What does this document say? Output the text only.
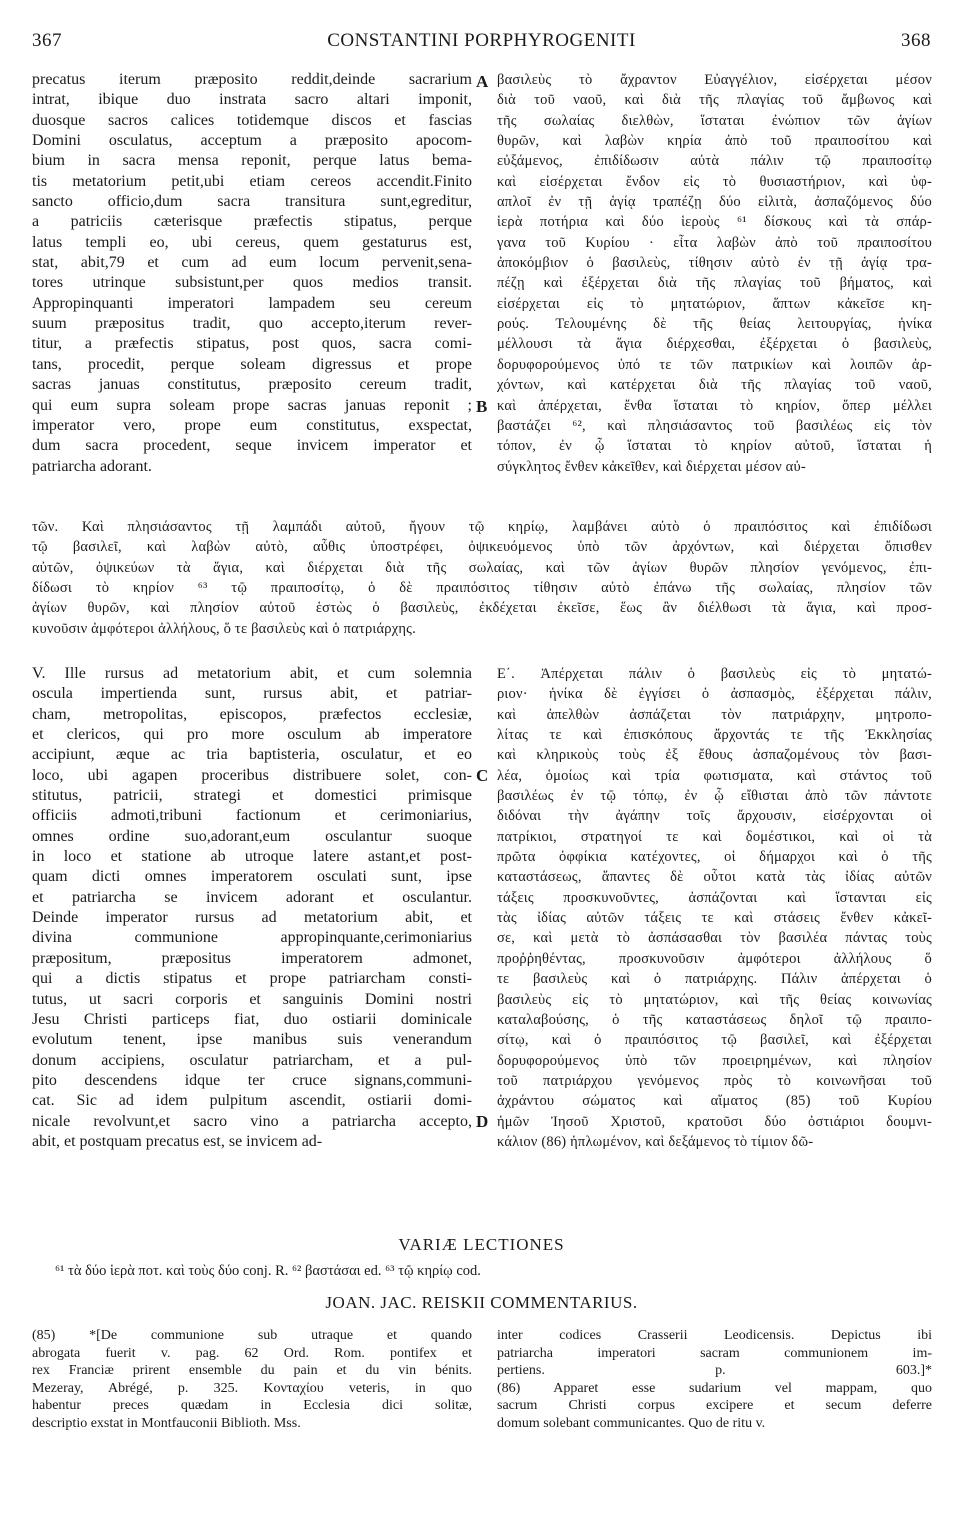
367	CONSTANTINI PORPHYROGENITI	368
precatus iterum præposito reddit,deinde sacrarium
intrat, ibique duo instrata sacro altari imponit,
duosque sacros calices totidemque discos et fascias
Domini osculatus, acceptum a præposito apocom-
bium in sacra mensa reponit, perque latus bema-
tis metatorium petit,ubi etiam cereos accendit.Finito
sancto officio,dum sacra transitura sunt,egreditur,
a patriciis cæterisque præfectis stipatus, perque
latus templi eo, ubi cereus, quem gestaturus est,
stat, abit,79 et cum ad eum locum pervenit,sena-
tores utrinque subsistunt,per quos medios transit.
Appropinquanti imperatori lampadem seu cereum
suum præpositus tradit, quo accepto,iterum rever-
titur, a præfectis stipatus, post quos, sacra comi-
tans, procedit, perque soleam digressus et prope
sacras januas constitutus, præposito cereum tradit,
qui eum supra soleam prope sacras januas reponit ;
imperator vero, prope eum constitutus, exspectat,
dum sacra procedent, seque invicem imperator et
patriarcha adorant.
βασιλεὺς τὸ ἄχραντον Εὐαγγέλιον, εἰσέρχεται μέσον
διὰ τοῦ ναοῦ, καὶ διὰ τῆς πλαγίας τοῦ ἄμβωνος καὶ
τῆς σωλαίας διελθὼν, ἵσταται ἐνώπιον τῶν ἁγίων
θυρῶν, καὶ λαβὼν κηρία ἀπὸ τοῦ πραιποσίτου καὶ
εὐξάμενος, ἐπιδίδωσιν αὐτὰ πάλιν τῷ πραιποσίτῳ
καὶ εἰσέρχεται ἔνδον εἰς τὸ θυσιαστήριον, καὶ ὑφ-
απλοῖ ἐν τῇ ἁγίᾳ τραπέζῃ δύο εἰλιτὰ, ἀσπαζόμενος δύο
ἱερὰ ποτήρια καὶ δύο ἱεροὺς ⁶¹ δίσκους καὶ τὰ σπάρ-
γανα τοῦ Κυρίου · εἶτα λαβὼν ἀπὸ τοῦ πραιποσίτου
ἀποκόμβιον ὁ βασιλεὺς, τίθησιν αὐτὸ ἐν τῇ ἁγίᾳ τρα-
πέζῃ καὶ ἐξέρχεται διὰ τῆς πλαγίας τοῦ βήματος, καὶ
εἰσέρχεται εἰς τὸ μητατώριον, ἅπτων κἀκεῖσε κη-
ρούς. Τελουμένης δὲ τῆς θείας λειτουργίας, ἡνίκα
μέλλουσι τὰ ἅγια διέρχεσθαι, ἐξέρχεται ὁ βασιλεὺς,
δορυφορούμενος ὑπό τε τῶν πατρικίων καὶ λοιπῶν ἀρ-
χόντων, καὶ κατέρχεται διὰ τῆς πλαγίας τοῦ ναοῦ,
καὶ ἀπέρχεται, ἔνθα ἵσταται τὸ κηρίον, ὅπερ μέλλει
βαστάζει ⁶², καὶ πλησιάσαντος τοῦ βασιλέως εἰς τὸν
τόπον, ἐν ᾧ ἵσταται τὸ κηρίον αὐτοῦ, ἵσταται ἡ
σύγκλητος ἔνθεν κἀκεῖθεν, καὶ διέρχεται μέσον αὐ-
A
B
C
D
τῶν. Καὶ πλησιάσαντος τῇ λαμπάδι αὐτοῦ, ἤγουν τῷ κηρίῳ, λαμβάνει αὐτὸ ὁ πραιπόσιτος καὶ ἐπιδίδωσι
τῷ βασιλεῖ, καὶ λαβὼν αὐτὸ, αὖθις ὑποστρέφει, ὀψικευόμενος ὑπὸ τῶν ἀρχόντων, καὶ διέρχεται ὄπισθεν
αὐτῶν, ὀψικεύων τὰ ἅγια, καὶ διέρχεται διὰ τῆς σωλαίας, καὶ τῶν ἁγίων θυρῶν πλησίον γενόμενος, ἐπι-
δίδωσι τὸ κηρίον ⁶³ τῷ πραιποσίτῳ, ὁ δὲ πραιπόσιτος τίθησιν αὐτὸ ἐπάνω τῆς σωλαίας, πλησίον τῶν
ἁγίων θυρῶν, καὶ πλησίον αὐτοῦ ἑστὼς ὁ βασιλεὺς, ἐκδέχεται ἐκεῖσε, ἕως ἂν διέλθωσι τὰ ἅγια, καὶ προσ-
κυνοῦσιν ἀμφότεροι ἀλλήλους, ὅ τε βασιλεὺς καὶ ὁ πατριάρχης.
V. Ille rursus ad metatorium abit, et cum solemnia
oscula impertienda sunt, rursus abit, et patriar-
cham, metropolitas, episcopos, præfectos ecclesiæ,
et clericos, qui pro more osculum ab imperatore
accipiunt, æque ac tria baptisteria, osculatur, et eo
loco, ubi agapen proceribus distribuere solet, con-
stitutus, patricii, strategi et domestici primisque
officiis admoti,tribuni factionum et cerimoniarius,
omnes ordine suo,adorant,eum osculantur suoque
in loco et statione ab utroque latere astant,et post-
quam dicti omnes imperatorem osculati sunt, ipse
et patriarcha se invicem adorant et osculantur.
Deinde imperator rursus ad metatorium abit, et
divina communione appropinquante,cerimoniarius
præpositum, præpositus imperatorem admonet,
qui a dictis stipatus et prope patriarcham consti-
tutus, ut sacri corporis et sanguinis Domini nostri
Jesu Christi particeps fiat, duo ostiarii dominicale
evolutum tenent, ipse manibus suis venerandum
donum accipiens, osculatur patriarcham, et a pul-
pito descendens idque ter cruce signans,communi-
cat. Sic ad idem pulpitum ascendit, ostiarii domi-
nicale revolvunt,et sacro vino a patriarcha accepto,
abit, et postquam precatus est, se invicem ad-
Ε΄. Ἀπέρχεται πάλιν ὁ βασιλεὺς εἰς τὸ μητατώ-
ριον· ἡνίκα δὲ ἐγγίσει ὁ ἀσπασμὸς, ἐξέρχεται πάλιν,
καὶ ἀπελθὼν ἀσπάζεται τὸν πατριάρχην, μητροπο-
λίτας τε καὶ ἐπισκόπους ἄρχοντάς τε τῆς Ἐκκλησίας
καὶ κληρικοὺς τοὺς ἐξ ἔθους ἀσπαζομένους τὸν βασι-
λέα, ὁμοίως καὶ τρία φωτισματα, καὶ στάντος τοῦ
βασιλέως ἐν τῷ τόπῳ, ἐν ᾧ εἴθισται ἀπὸ τῶν πάντοτε
διδόναι τὴν ἀγάπην τοῖς ἄρχουσιν, εἰσέρχονται οἱ
πατρίκιοι, στρατηγοί τε καὶ δομέστικοι, καὶ οἱ τὰ
πρῶτα ὀφφίκια κατέχοντες, οἱ δήμαρχοι καὶ ὁ τῆς
καταστάσεως, ἅπαντες δὲ οὗτοι κατὰ τὰς ἰδίας αὐτῶν
τάξεις προσκυνοῦντες, ἀσπάζονται καὶ ἵστανται εἰς
τὰς ἰδίας αὐτῶν τάξεις τε καὶ στάσεις ἔνθεν κἀκεῖ-
σε, καὶ μετὰ τὸ ἀσπάσασθαι τὸν βασιλέα πάντας τοὺς
προῤῥηθέντας, προσκυνοῦσιν ἀμφότεροι ἀλλήλους ὅ
τε βασιλεὺς καὶ ὁ πατριάρχης. Πάλιν ἀπέρχεται ὁ
βασιλεὺς εἰς τὸ μητατώριον, καὶ τῆς θείας κοινωνίας
καταλαβούσης, ὁ τῆς καταστάσεως δηλοῖ τῷ πραιπο-
σίτῳ, καὶ ὁ πραιπόσιτος τῷ βασιλεῖ, καὶ ἐξέρχεται
δορυφορούμενος ὑπὸ τῶν προειρημένων, καὶ πλησίον
τοῦ πατριάρχου γενόμενος πρὸς τὸ κοινωνῆσαι τοῦ
ἀχράντου σώματος καὶ αἵματος (85) τοῦ Κυρίου
ἡμῶν Ἰησοῦ Χριστοῦ, κρατοῦσι δύο ὀστιάριοι δουμνι-
κάλιον (86) ἡπλωμένον, καὶ δεξάμενος τὸ τίμιον δῶ-
VARIÆ LECTIONES
⁶¹ τὰ δύο ἱερὰ ποτ. καὶ τοὺς δύο conj. R. ⁶² βαστάσαι ed. ⁶³ τῷ κηρίῳ cod.
JOAN. JAC. REISKII COMMENTARIUS.
(85) *[De communione sub utraque et quando
abrogata fuerit v. pag. 62 Ord. Rom. pontifex et
rex Franciæ prirent ensemble du pain et du vin bénits.
Mezeray, Abrégé, p. 325. Κονταχίου veteris, in quo
habentur preces quædam in Ecclesia dici solitæ,
descriptio exstat in Montfauconii Biblioth. Mss.
inter codices Crasserii Leodicensis. Depictus ibi
patriarcha imperatori sacram communionem im-
pertiens. p. 603.]*
(86) Apparet esse sudarium vel mappam, quo
sacrum Christi corpus excipere et secum deferre
domum solebant communicantes. Quo de ritu v.
